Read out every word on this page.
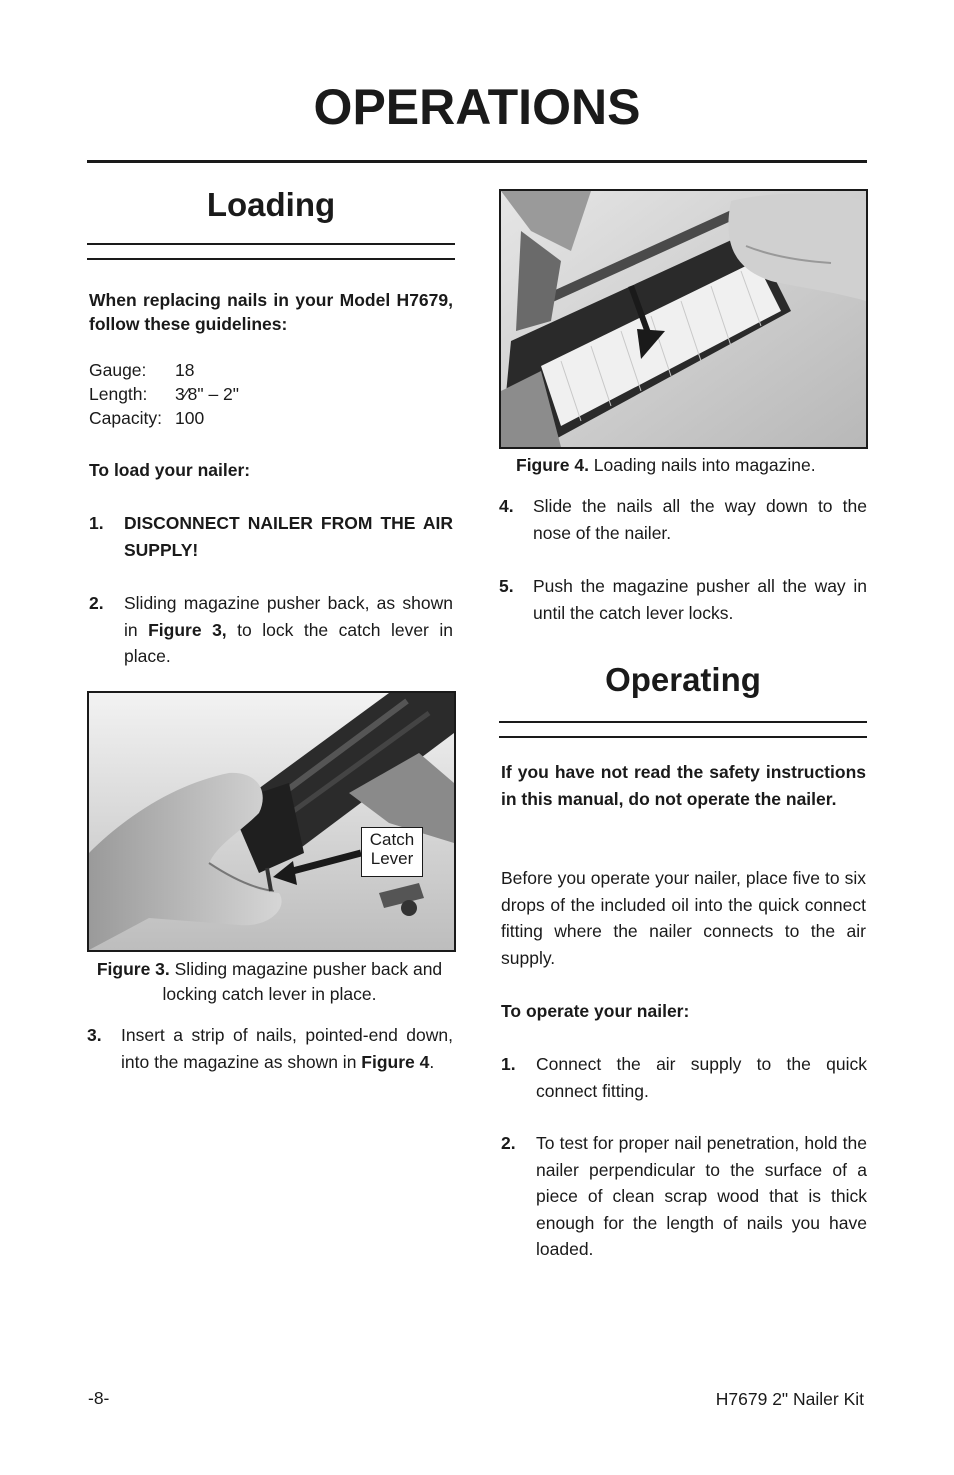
OPERATIONS
Loading
When replacing nails in your Model H7679, follow these guidelines:
Gauge: 18
Length: 3⁄8" – 2"
Capacity: 100
To load your nailer:
1. DISCONNECT NAILER FROM THE AIR SUPPLY!
2. Sliding magazine pusher back, as shown in Figure 3, to lock the catch lever in place.
Catch
Lever
Figure 3. Sliding magazine pusher back and locking catch lever in place.
3. Insert a strip of nails, pointed-end down, into the magazine as shown in Figure 4.
Figure 4. Loading nails into magazine.
4. Slide the nails all the way down to the nose of the nailer.
5. Push the magazine pusher all the way in until the catch lever locks.
Operating
If you have not read the safety instructions in this manual, do not operate the nailer.
Before you operate your nailer, place five to six drops of the included oil into the quick connect fitting where the nailer connects to the air supply.
To operate your nailer:
1. Connect the air supply to the quick connect fitting.
2. To test for proper nail penetration, hold the nailer perpendicular to the surface of a piece of clean scrap wood that is thick enough for the length of nails you have loaded.
-8-	H7679 2" Nailer Kit
